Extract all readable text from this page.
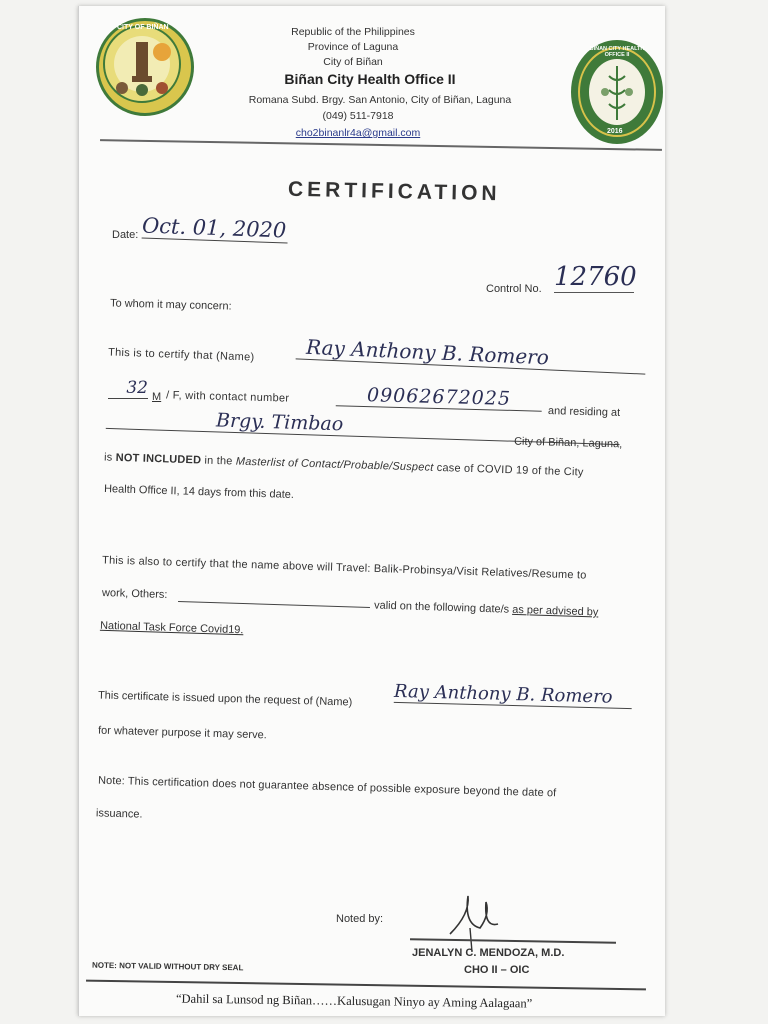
CITY OF BIÑAN
BIÑAN CITY HEALTH OFFICE II
2016
Republic of the Philippines
Province of Laguna
City of Biñan
Biñan City Health Office II
Romana Subd. Brgy. San Antonio, City of Biñan, Laguna
(049) 511-7918
cho2binanlr4a@gmail.com
CERTIFICATION
Date: Oct. 01, 2020
Control No. 12760
To whom it may concern:
This is to certify that (Name)	Ray Anthony B. Romero
32 M / F, with contact number	09062672025
and residing at
Brgy. Timbao
City of Biñan, Laguna,
is NOT INCLUDED in the Masterlist of Contact/Probable/Suspect case of COVID 19 of the City
Health Office II, 14 days from this date.
This is also to certify that the name above will Travel: Balik-Probinsya/Visit Relatives/Resume to
work, Others:
valid on the following date/s as per advised by
National Task Force Covid19.
This certificate is issued upon the request of (Name) Ray Anthony B. Romero
for whatever purpose it may serve.
Note: This certification does not guarantee absence of possible exposure beyond the date of
issuance.
Noted by:
JENALYN C. MENDOZA, M.D.
CHO II – OIC
NOTE: NOT VALID WITHOUT DRY SEAL
“Dahil sa Lunsod ng Biñan……Kalusugan Ninyo ay Aming Aalagaan”
